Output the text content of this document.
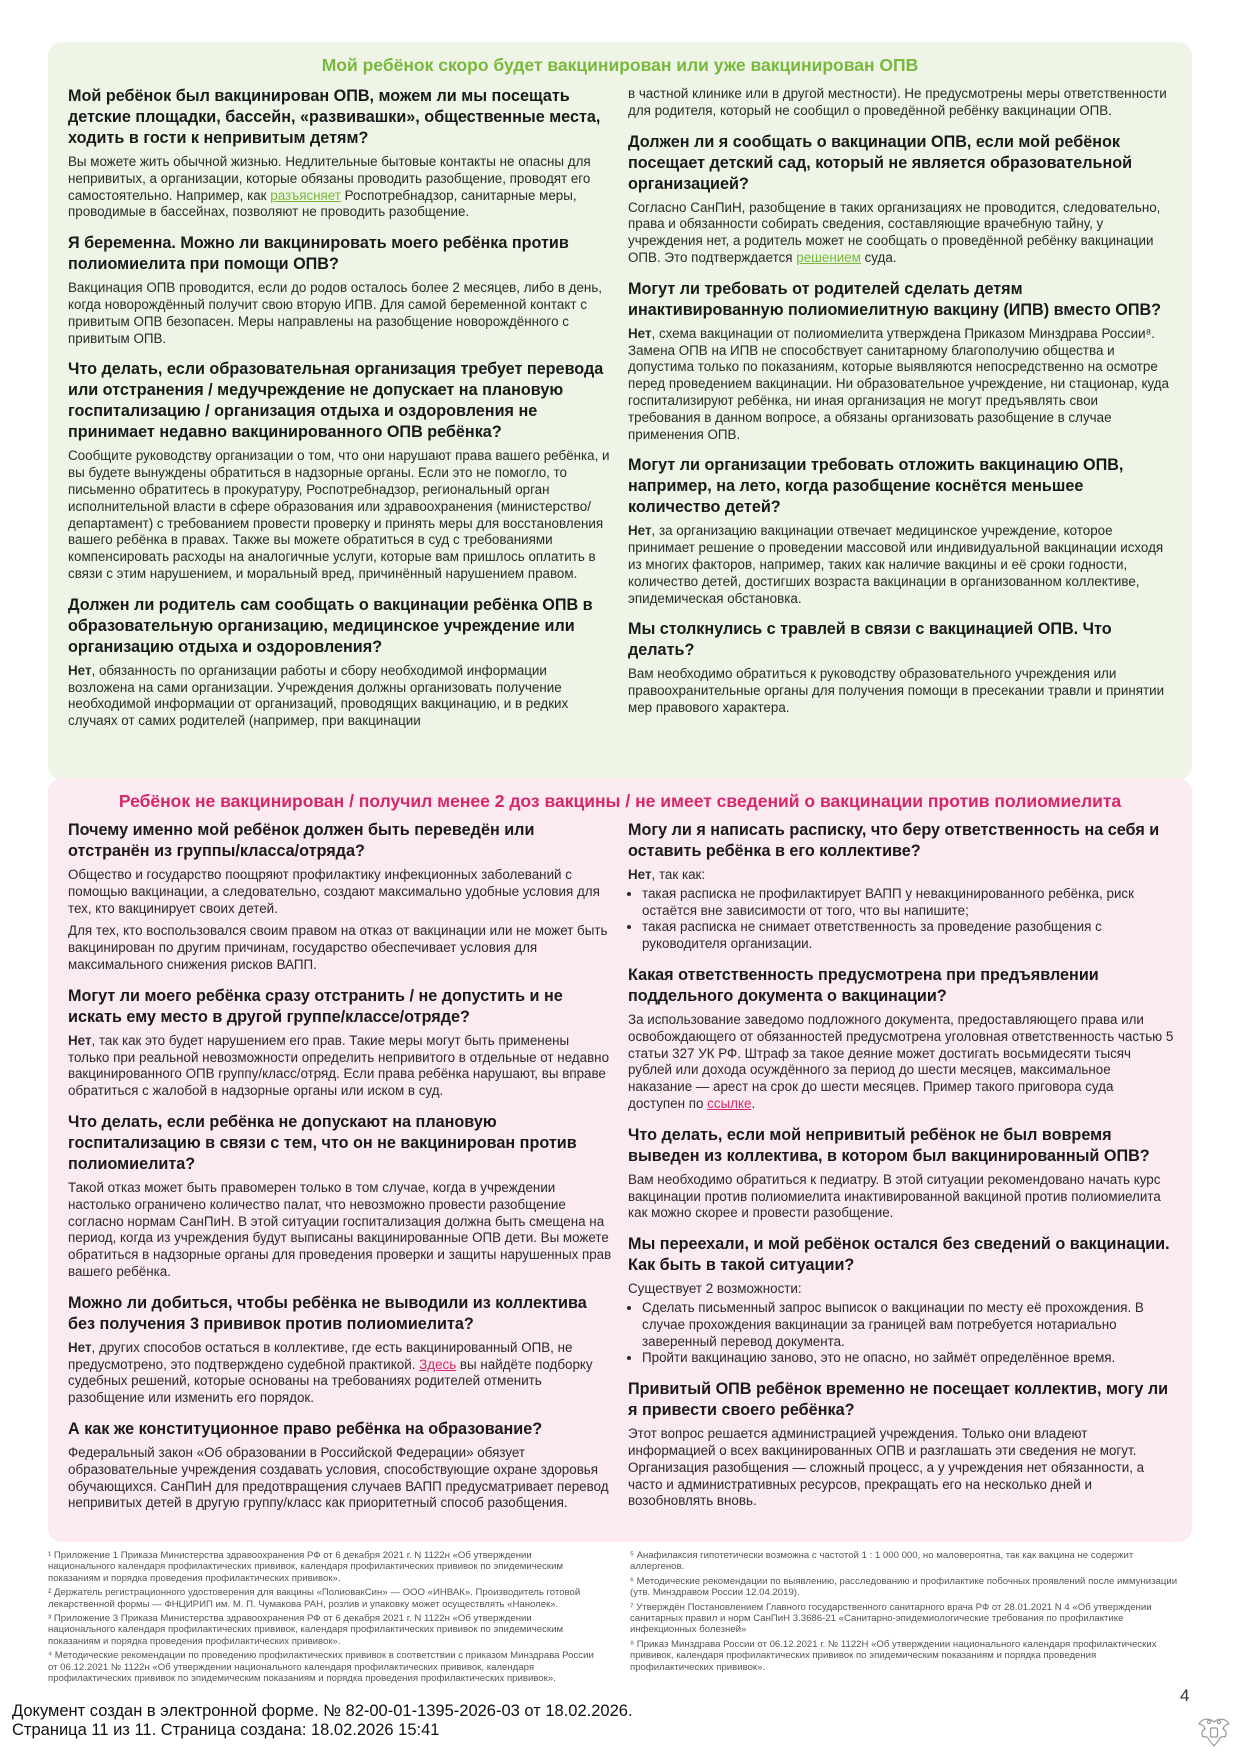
Мой ребёнок скоро будет вакцинирован или уже вакцинирован ОПВ
Мой ребёнок был вакцинирован ОПВ, можем ли мы посещать детские площадки, бассейн, «развивашки», общественные места, ходить в гости к непривитым детям?
Вы можете жить обычной жизнью. Недлительные бытовые контакты не опасны для непривитых, а организации, которые обязаны проводить разобщение, проводят его самостоятельно. Например, как разъясняет Роспотребнадзор, санитарные меры, проводимые в бассейнах, позволяют не проводить разобщение.
Я беременна. Можно ли вакцинировать моего ребёнка против полиомиелита при помощи ОПВ?
Вакцинация ОПВ проводится, если до родов осталось более 2 месяцев, либо в день, когда новорождённый получит свою вторую ИПВ. Для самой беременной контакт с привитым ОПВ безопасен. Меры направлены на разобщение новорождённого с привитым ОПВ.
Что делать, если образовательная организация требует перевода или отстранения / медучреждение не допускает на плановую госпитализацию / организация отдыха и оздоровления не принимает недавно вакцинированного ОПВ ребёнка?
Сообщите руководству организации о том, что они нарушают права вашего ребёнка, и вы будете вынуждены обратиться в надзорные органы. Если это не помогло, то письменно обратитесь в прокуратуру, Роспотребнадзор, региональный орган исполнительной власти в сфере образования или здравоохранения (министерство/департамент) с требованием провести проверку и принять меры для восстановления вашего ребёнка в правах. Также вы можете обратиться в суд с требованиями компенсировать расходы на аналогичные услуги, которые вам пришлось оплатить в связи с этим нарушением, и моральный вред, причинённый нарушением правом.
Должен ли родитель сам сообщать о вакцинации ребёнка ОПВ в образовательную организацию, медицинское учреждение или организацию отдыха и оздоровления?
Нет, обязанность по организации работы и сбору необходимой информации возложена на сами организации. Учреждения должны организовать получение необходимой информации от организаций, проводящих вакцинацию, и в редких случаях от самих родителей (например, при вакцинации
в частной клинике или в другой местности). Не предусмотрены меры ответственности для родителя, который не сообщил о проведённой ребёнку вакцинации ОПВ.
Должен ли я сообщать о вакцинации ОПВ, если мой ребёнок посещает детский сад, который не является образовательной организацией?
Согласно СанПиН, разобщение в таких организациях не проводится, следовательно, права и обязанности собирать сведения, составляющие врачебную тайну, у учреждения нет, а родитель может не сообщать о проведённой ребёнку вакцинации ОПВ. Это подтверждается решением суда.
Могут ли требовать от родителей сделать детям инактивированную полиомиелитную вакцину (ИПВ) вместо ОПВ?
Нет, схема вакцинации от полиомиелита утверждена Приказом Минздрава России⁸. Замена ОПВ на ИПВ не способствует санитарному благополучию общества и допустима только по показаниям, которые выявляются непосредственно на осмотре перед проведением вакцинации. Ни образовательное учреждение, ни стационар, куда госпитализируют ребёнка, ни иная организация не могут предъявлять свои требования в данном вопросе, а обязаны организовать разобщение в случае применения ОПВ.
Могут ли организации требовать отложить вакцинацию ОПВ, например, на лето, когда разобщение коснётся меньшее количество детей?
Нет, за организацию вакцинации отвечает медицинское учреждение, которое принимает решение о проведении массовой или индивидуальной вакцинации исходя из многих факторов, например, таких как наличие вакцины и её сроки годности, количество детей, достигших возраста вакцинации в организованном коллективе, эпидемическая обстановка.
Мы столкнулись с травлей в связи с вакцинацией ОПВ. Что делать?
Вам необходимо обратиться к руководству образовательного учреждения или правоохранительные органы для получения помощи в пресекании травли и принятии мер правового характера.
Ребёнок не вакцинирован / получил менее 2 доз вакцины / не имеет сведений о вакцинации против полиомиелита
Почему именно мой ребёнок должен быть переведён или отстранён из группы/класса/отряда?

Общество и государство поощряют профилактику инфекционных заболеваний с помощью вакцинации, а следовательно, создают максимально удобные условия для тех, кто вакцинирует своих детей.

Для тех, кто воспользовался своим правом на отказ от вакцинации или не может быть вакцинирован по другим причинам, государство обеспечивает условия для максимального снижения рисков ВАПП.

Могут ли моего ребёнка сразу отстранить / не допустить и не искать ему место в другой группе/классе/отряде?
Нет, так как это будет нарушением его прав. Такие меры могут быть применены только при реальной невозможности определить непривитого в отдельные от недавно вакцинированного ОПВ группу/класс/отряд. Если права ребёнка нарушают, вы вправе обратиться с жалобой в надзорные органы или иском в суд.
Что делать, если ребёнка не допускают на плановую госпитализацию в связи с тем, что он не вакцинирован против полиомиелита?
Такой отказ может быть правомерен только в том случае, когда в учреждении настолько ограничено количество палат, что невозможно провести разобщение согласно нормам СанПиН. В этой ситуации госпитализация должна быть смещена на период, когда из учреждения будут выписаны вакцинированные ОПВ дети. Вы можете обратиться в надзорные органы для проведения проверки и защиты нарушенных прав вашего ребёнка.
Можно ли добиться, чтобы ребёнка не выводили из коллектива без получения 3 прививок против полиомиелита?
Нет, других способов остаться в коллективе, где есть вакцинированный ОПВ, не предусмотрено, это подтверждено судебной практикой. Здесь вы найдёте подборку судебных решений, которые основаны на требованиях родителей отменить разобщение или изменить его порядок.
А как же конституционное право ребёнка на образование?
Федеральный закон «Об образовании в Российской Федерации» обязует образовательные учреждения создавать условия, способствующие охране здоровья обучающихся. СанПиН для предотвращения случаев ВАПП предусматривает перевод непривитых детей в другую группу/класс как приоритетный способ разобщения.
Могу ли я написать расписку, что беру ответственность на себя и оставить ребёнка в его коллективе?
Нет, так как:
• такая расписка не профилактирует ВАПП у невакцинированного ребёнка, риск остаётся вне зависимости от того, что вы напишите;
• такая расписка не снимает ответственность за проведение разобщения с руководителя организации.
Какая ответственность предусмотрена при предъявлении поддельного документа о вакцинации?
За использование заведомо подложного документа, предоставляющего права или освобождающего от обязанностей предусмотрена уголовная ответственность частью 5 статьи 327 УК РФ. Штраф за такое деяние может достигать восьмидесяти тысяч рублей или дохода осуждённого за период до шести месяцев, максимальное наказание — арест на срок до шести месяцев. Пример такого приговора суда доступен по ссылке.
Что делать, если мой непривитый ребёнок не был вовремя выведен из коллектива, в котором был вакцинированный ОПВ?
Вам необходимо обратиться к педиатру. В этой ситуации рекомендовано начать курс вакцинации против полиомиелита инактивированной вакциной против полиомиелита как можно скорее и провести разобщение.
Мы переехали, и мой ребёнок остался без сведений о вакцинации. Как быть в такой ситуации?
Существует 2 возможности:
• Сделать письменный запрос выписок о вакцинации по месту её прохождения. В случае прохождения вакцинации за границей вам потребуется нотариально заверенный перевод документа.
• Пройти вакцинацию заново, это не опасно, но займёт определённое время.
Привитый ОПВ ребёнок временно не посещает коллектив, могу ли я привести своего ребёнка?
Этот вопрос решается администрацией учреждения. Только они владеют информацией о всех вакцинированных ОПВ и разглашать эти сведения не могут. Организация разобщения — сложный процесс, а у учреждения нет обязанности, а часто и административных ресурсов, прекращать его на несколько дней и возобновлять вновь.

¹ Приложение 1 Приказа Министерства здравоохранения РФ от 6 декабря 2021 г. N 1122н «Об утверждении национального календаря профилактических прививок, календаря профилактических прививок по эпидемическим показаниям и порядка проведения профилактических прививок».

² Держатель регистрационного удостоверения для вакцины «ПолиовакСин» — ООО «ИНВАК». Производитель готовой лекарственной формы — ФНЦИРИП им. М. П. Чумакова РАН, розлив и упаковку может осуществлять «Нанолек».

³ Приложение 3 Приказа Министерства здравоохранения РФ от 6 декабря 2021 г. N 1122н «Об утверждении национального календаря профилактических прививок, календаря профилактических прививок по эпидемическим показаниям и порядка проведения профилактических прививок».

⁴ Методические рекомендации по проведению профилактических прививок в соответствии с приказом Минздрава России от 06.12.2021 № 1122н «Об утверждении национального календаря профилактических прививок, календаря профилактических прививок по эпидемическим показаниям и порядка проведения профилактических прививок».

⁵ Анафилаксия гипотетически возможна с частотой 1 : 1 000 000, но маловероятна, так как вакцина не содержит аллергенов.

⁶ Методические рекомендации по выявлению, расследованию и профилактике побочных проявлений после иммунизации (утв. Минздравом России 12.04.2019).

⁷ Утверждён Постановлением Главного государственного санитарного врача РФ от 28.01.2021 N 4 «Об утверждении санитарных правил и норм СанПиН 3.3686-21 «Санитарно-эпидемиологические требования по профилактике инфекционных болезней»

⁸ Приказ Минздрава России от 06.12.2021 г. № 1122Н «Об утверждении национального календаря профилактических прививок, календаря профилактических прививок по эпидемическим показаниям и порядка проведения профилактических прививок».

4
Документ создан в электронной форме. № 82-00-01-1395-2026-03 от 18.02.2026.
Страница 11 из 11. Страница создана: 18.02.2026 15:41
